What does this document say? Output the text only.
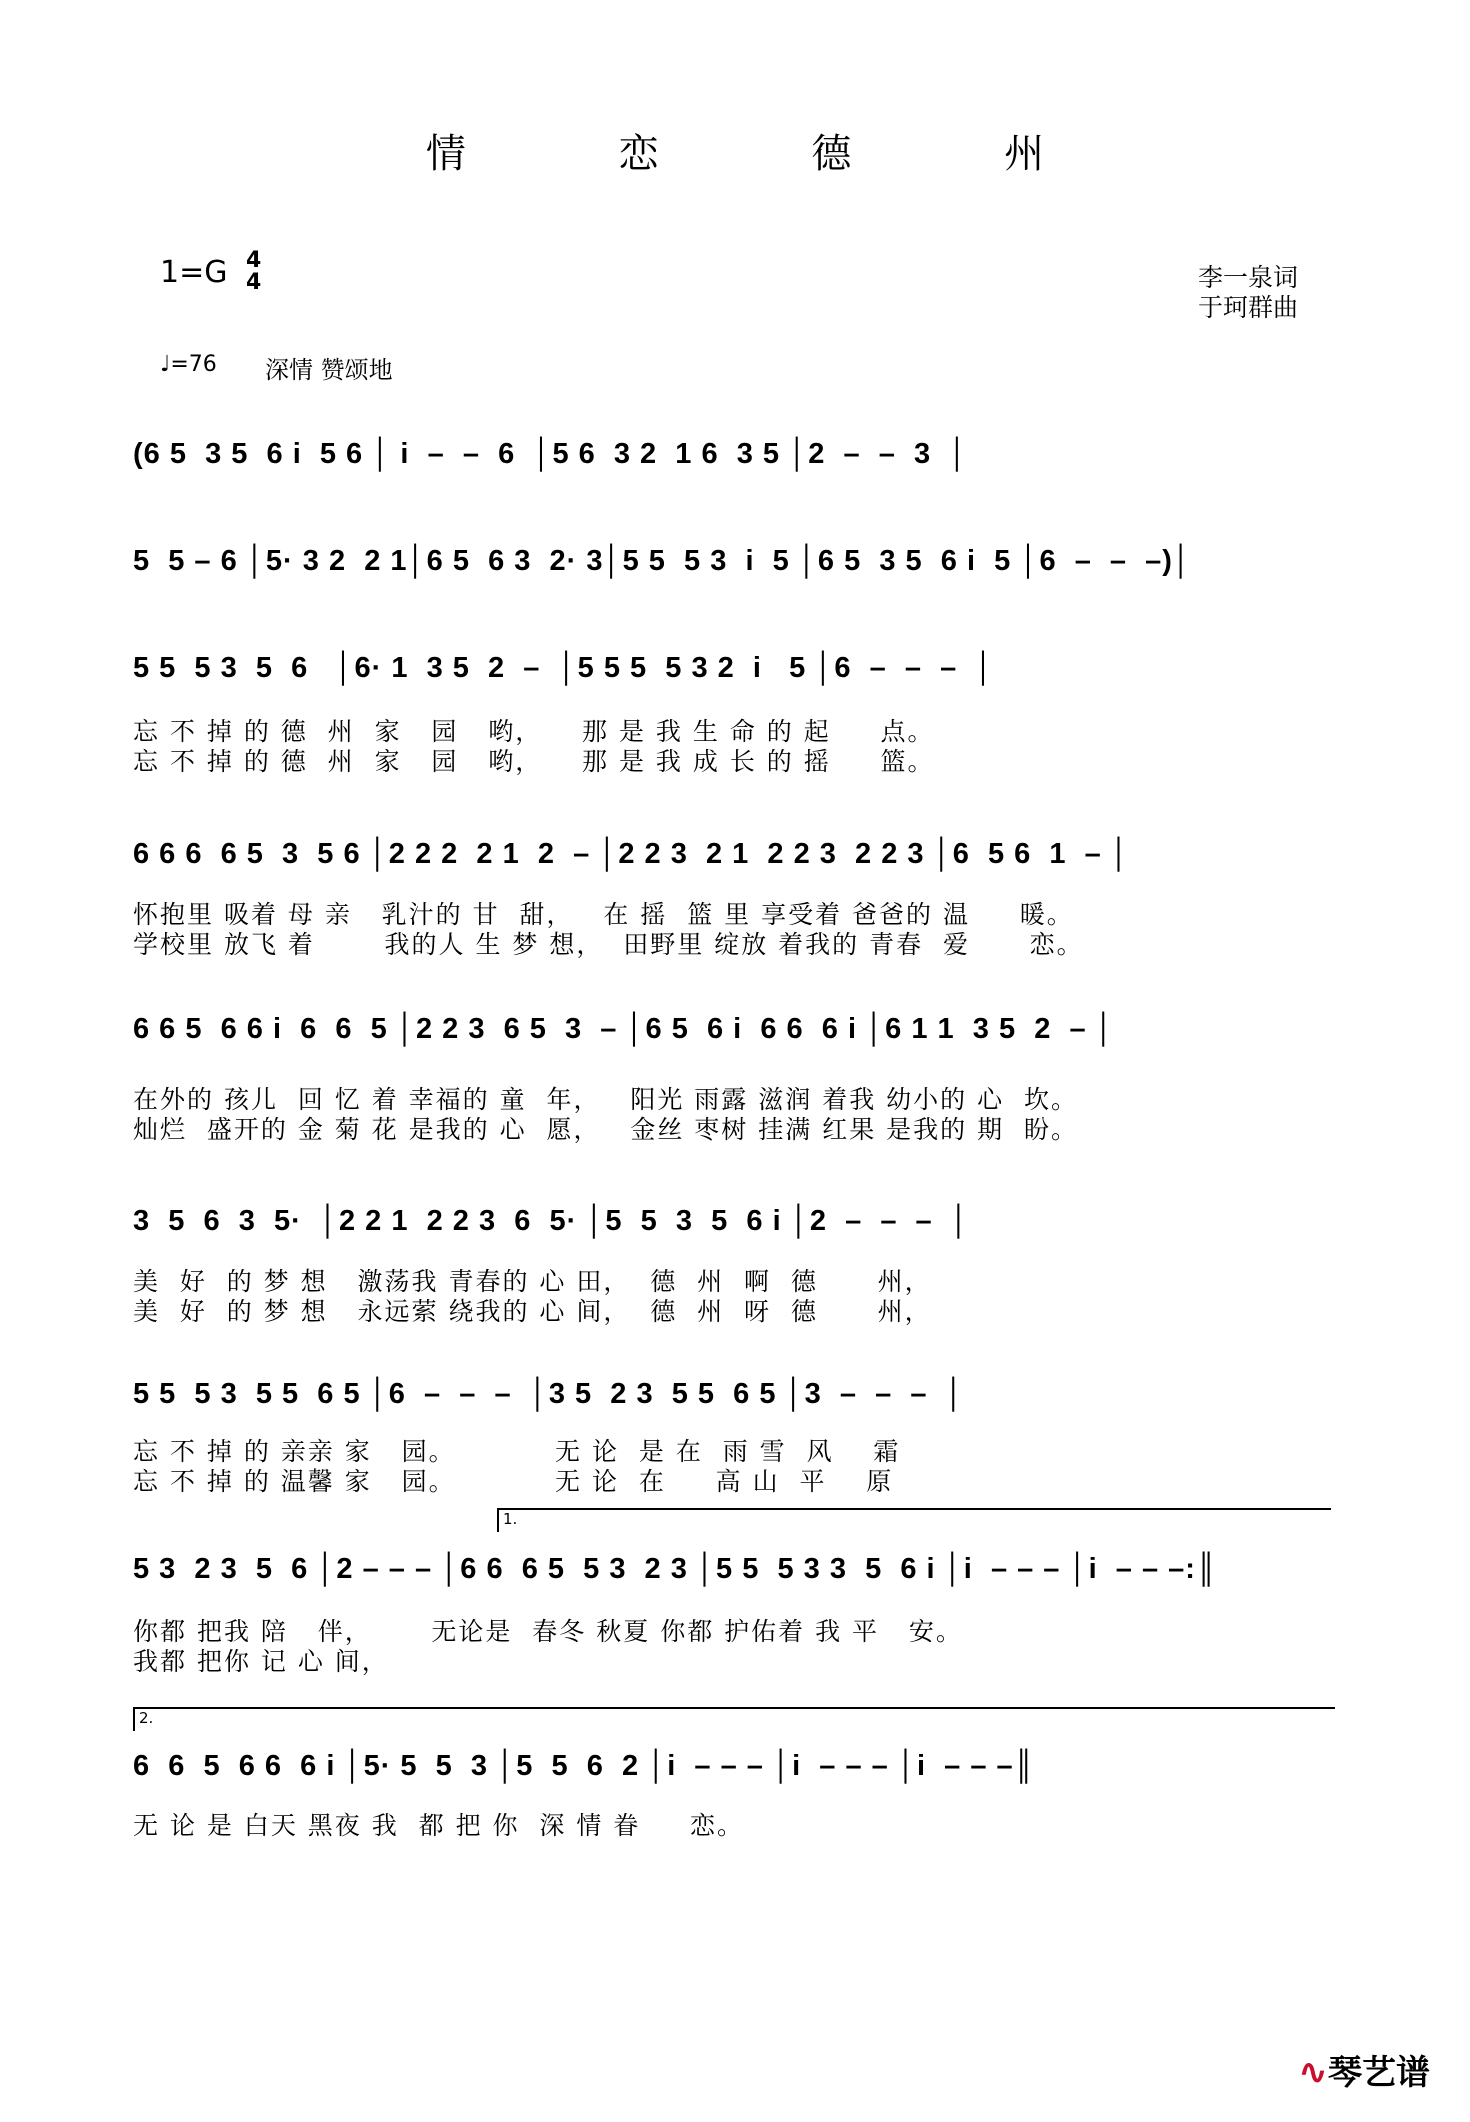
情 恋 德 州
1=G 4
4	李一泉词
于珂群曲
♩=76 深情 赞颂地
(6 5  3 5  6 i  5 6 │ i  –  –  6  │5 6  3 2  1 6  3 5 │2  –  –  3  │
5  5 – 6 │5· 3 2  2 1│6 5  6 3  2· 3│5 5  5 3  i  5 │6 5  3 5  6 i  5 │6  –  –  –)│
5 5  5 3  5  6   │6· 1  3 5  2  –  │5 5 5  5 3 2  i   5 │6  –  –  –  │
忘 不 掉 的 德  州  家   园   哟，    那 是 我 生 命 的 起     点。
忘 不 掉 的 德  州  家   园   哟，    那 是 我 成 长 的 摇     篮。
6 6 6  6 5  3  5 6 │2 2 2  2 1  2  – │2 2 3  2 1  2 2 3  2 2 3 │6  5 6  1  – │
怀抱里 吸着 母 亲   乳汁的 甘  甜，   在 摇  篮 里 享受着 爸爸的 温     暖。
学校里 放飞 着       我的人 生 梦 想，  田野里 绽放 着我的 青春  爱      恋。
6 6 5  6 6 i  6  6  5 │2 2 3  6 5  3  – │6 5  6 i  6 6  6 i │6 1 1  3 5  2  – │
在外的 孩儿  回 忆 着 幸福的 童  年，   阳光 雨露 滋润 着我 幼小的 心  坎。
灿烂  盛开的 金 菊 花 是我的 心  愿，   金丝 枣树 挂满 红果 是我的 期  盼。
3  5  6  3  5·  │2 2 1  2 2 3  6  5· │5  5  3  5  6 i │2  –  –  –  │
美  好  的 梦 想   激荡我 青春的 心 田，  德  州  啊  德      州，
美  好  的 梦 想   永远萦 绕我的 心 间，  德  州  呀  德      州，
5 5  5 3  5 5  6 5 │6  –  –  –  │3 5  2 3  5 5  6 5 │3  –  –  –  │
忘 不 掉 的 亲亲 家   园。          无 论  是 在  雨 雪  风    霜
忘 不 掉 的 温馨 家   园。          无 论  在     高 山  平    原
1.
5 3  2 3  5  6 │2 – – – │6 6  6 5  5 3  2 3 │5 5  5 3 3  5  6 i │i  – – – │i  – – –:║
你都 把我 陪   伴，      无论是  春冬 秋夏 你都 护佑着 我 平   安。
我都 把你 记 心 间，
2.
6  6  5  6 6  6 i │5· 5  5  3 │5  5  6  2 │i  – – – │i  – – – │i  – – –║
无 论 是 白天 黑夜 我  都 把 你  深 情 眷     恋。
∿琴艺谱
